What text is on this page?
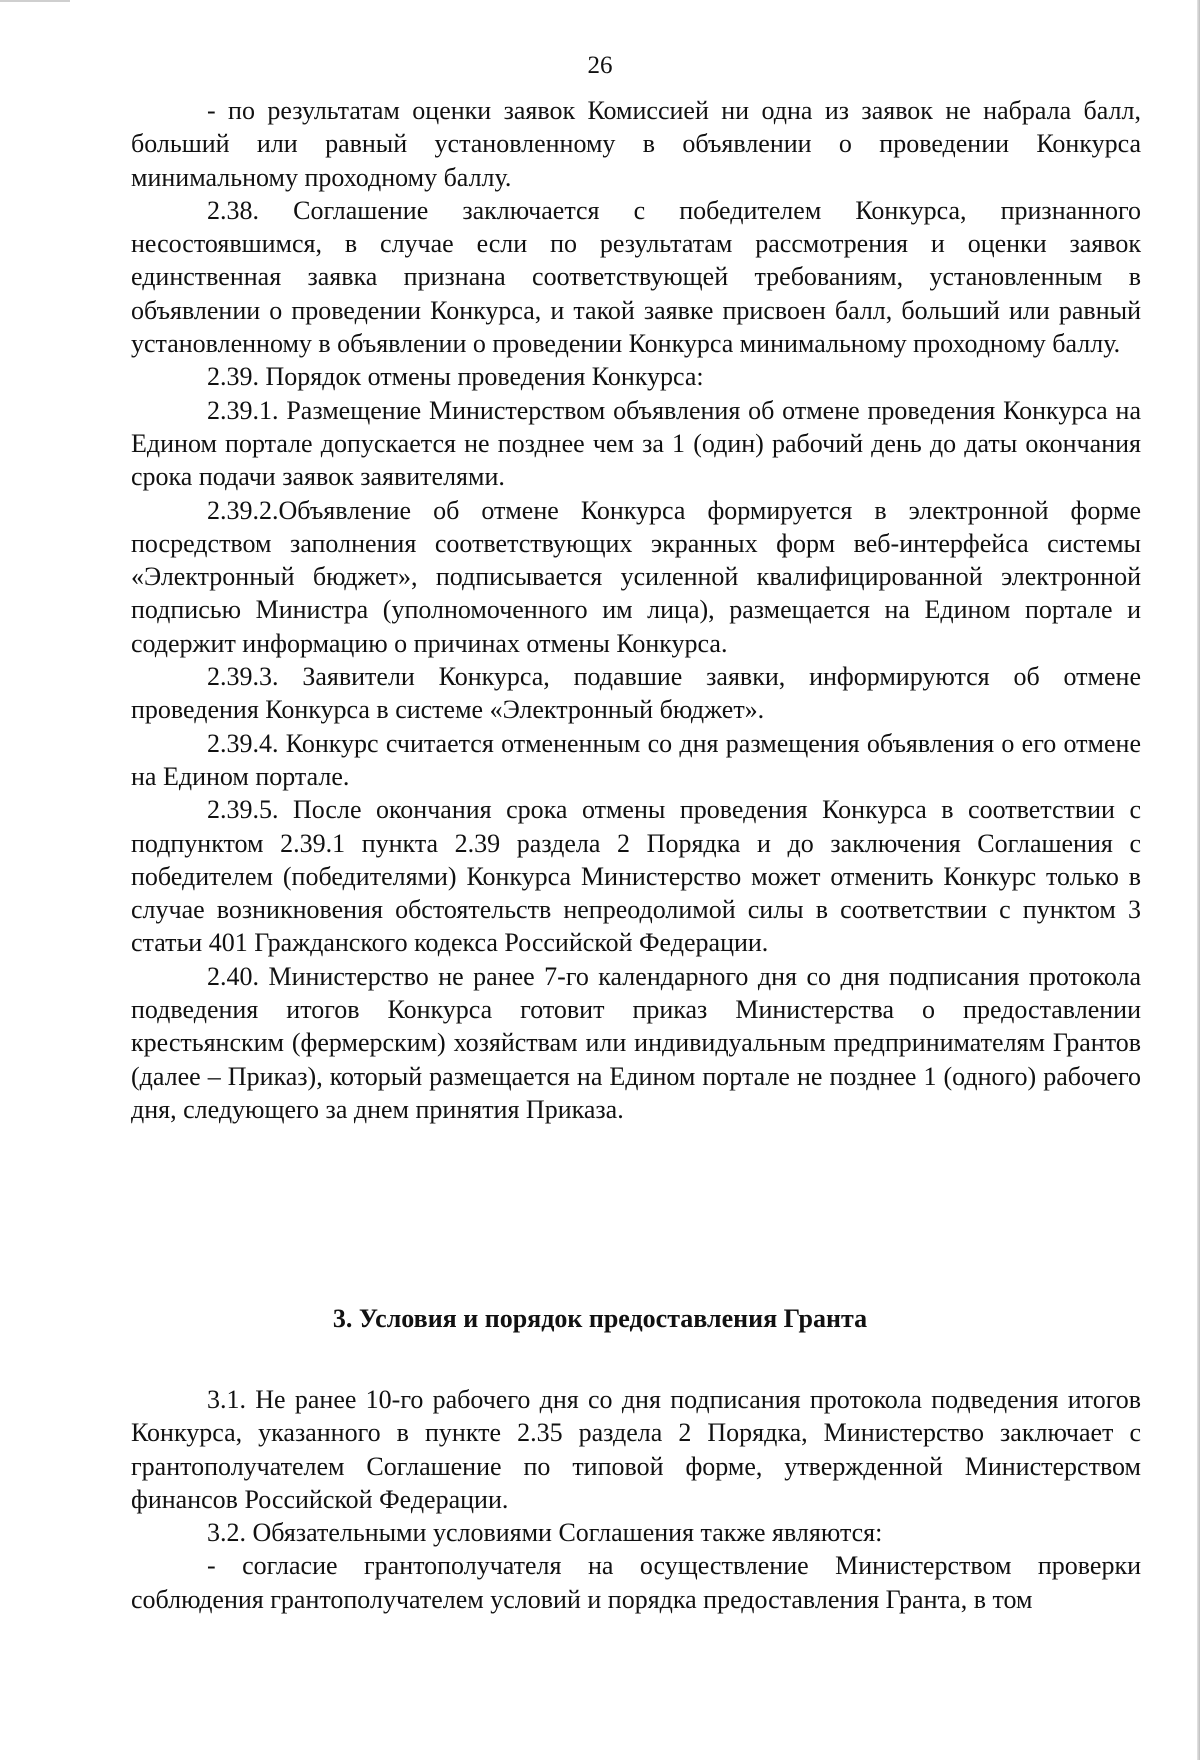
26

- по результатам оценки заявок Комиссией ни одна из заявок не набрала балл, больший или равный установленному в объявлении о проведении Конкурса минимальному проходному баллу.

2.38. Соглашение заключается с победителем Конкурса, признанного несостоявшимся, в случае если по результатам рассмотрения и оценки заявок единственная заявка признана соответствующей требованиям, установленным в объявлении о проведении Конкурса, и такой заявке присвоен балл, больший или равный установленному в объявлении о проведении Конкурса минимальному проходному баллу.

2.39. Порядок отмены проведения Конкурса:

2.39.1. Размещение Министерством объявления об отмене проведения Конкурса на Едином портале допускается не позднее чем за 1 (один) рабочий день до даты окончания срока подачи заявок заявителями.

2.39.2.Объявление об отмене Конкурса формируется в электронной форме посредством заполнения соответствующих экранных форм веб-интерфейса системы «Электронный бюджет», подписывается усиленной квалифицированной электронной подписью Министра (уполномоченного им лица), размещается на Едином портале и содержит информацию о причинах отмены Конкурса.

2.39.3. Заявители Конкурса, подавшие заявки, информируются об отмене проведения Конкурса в системе «Электронный бюджет».

2.39.4. Конкурс считается отмененным со дня размещения объявления о его отмене на Едином портале.

2.39.5. После окончания срока отмены проведения Конкурса в соответствии с подпунктом 2.39.1 пункта 2.39 раздела 2 Порядка и до заключения Соглашения с победителем (победителями) Конкурса Министерство может отменить Конкурс только в случае возникновения обстоятельств непреодолимой силы в соответствии с пунктом 3 статьи 401 Гражданского кодекса Российской Федерации.

2.40. Министерство не ранее 7-го календарного дня со дня подписания протокола подведения итогов Конкурса готовит приказ Министерства о предоставлении крестьянским (фермерским) хозяйствам или индивидуальным предпринимателям Грантов (далее – Приказ), который размещается на Едином портале не позднее 1 (одного) рабочего дня, следующего за днем принятия Приказа.

3. Условия и порядок предоставления Гранта

3.1. Не ранее 10-го рабочего дня со дня подписания протокола подведения итогов Конкурса, указанного в пункте 2.35 раздела 2 Порядка, Министерство заключает с грантополучателем Соглашение по типовой форме, утвержденной Министерством финансов Российской Федерации.

3.2. Обязательными условиями Соглашения также являются:

- согласие грантополучателя на осуществление Министерством проверки соблюдения грантополучателем условий и порядка предоставления Гранта, в том
